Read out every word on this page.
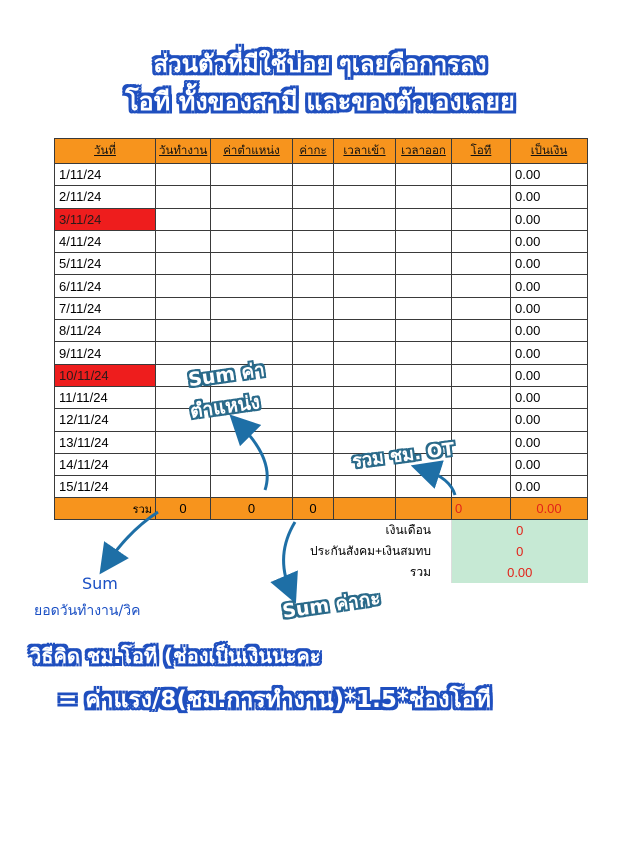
ส่วนตัวที่มีใช้บ่อย ๆเลยคือการลง
โอที ทั้งของสามี และของตัวเองเลยย
วันที่	วันทำงาน	ค่าตำแหน่ง	ค่ากะ	เวลาเข้า	เวลาออก	โอที	เป็นเงิน
1/11/24							0.00
2/11/24							0.00
3/11/24							0.00
4/11/24							0.00
5/11/24							0.00
6/11/24							0.00
7/11/24							0.00
8/11/24							0.00
9/11/24							0.00
10/11/24							0.00
11/11/24							0.00
12/11/24							0.00
13/11/24							0.00
14/11/24							0.00
15/11/24							0.00
รวม	0	0	0			0	0.00
เงินเดือน						0	
ประกันสังคม+เงินสมทบ						0	
รวม						0.00	
Sum ค่า
ตำแหน่ง
รวม ชม. OT
Sum
ยอดวันทำงาน/วิค	Sum ค่ากะ
วิธีคิด ชม.โอที (ช่องเป็นเงินนะคะ
= ค่าแรง/8(ชม.การทำงาน)*1.5*ช่องโอที
